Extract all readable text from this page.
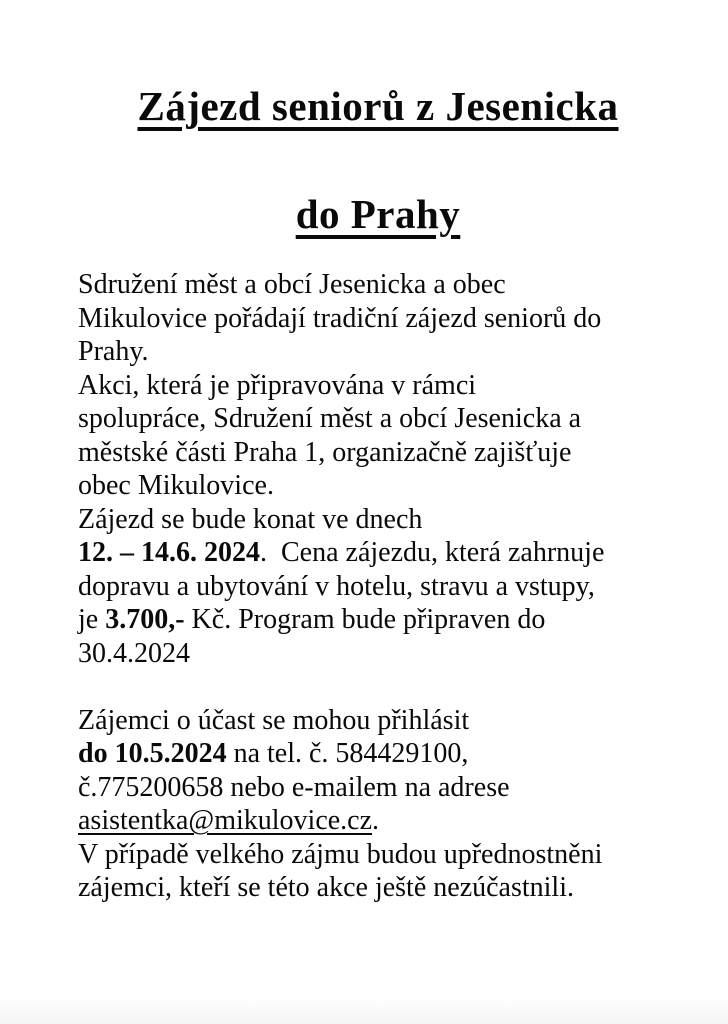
Zájezd seniorů z Jesenicka
do Prahy
Sdružení měst a obcí Jesenicka a obec
Mikulovice pořádají tradiční zájezd seniorů do
Prahy.
Akci, která je připravována v rámci
spolupráce, Sdružení měst a obcí Jesenicka a
městské části Praha 1, organizačně zajišťuje
obec Mikulovice.
Zájezd se bude konat ve dnech
12. – 14.6. 2024.  Cena zájezdu, která zahrnuje
dopravu a ubytování v hotelu, stravu a vstupy,
je 3.700,- Kč. Program bude připraven do
30.4.2024

Zájemci o účast se mohou přihlásit
do 10.5.2024 na tel. č. 584429100,
č.775200658 nebo e-mailem na adrese
asistentka@mikulovice.cz.
V případě velkého zájmu budou upřednostněni
zájemci, kteří se této akce ještě nezúčastnili.
